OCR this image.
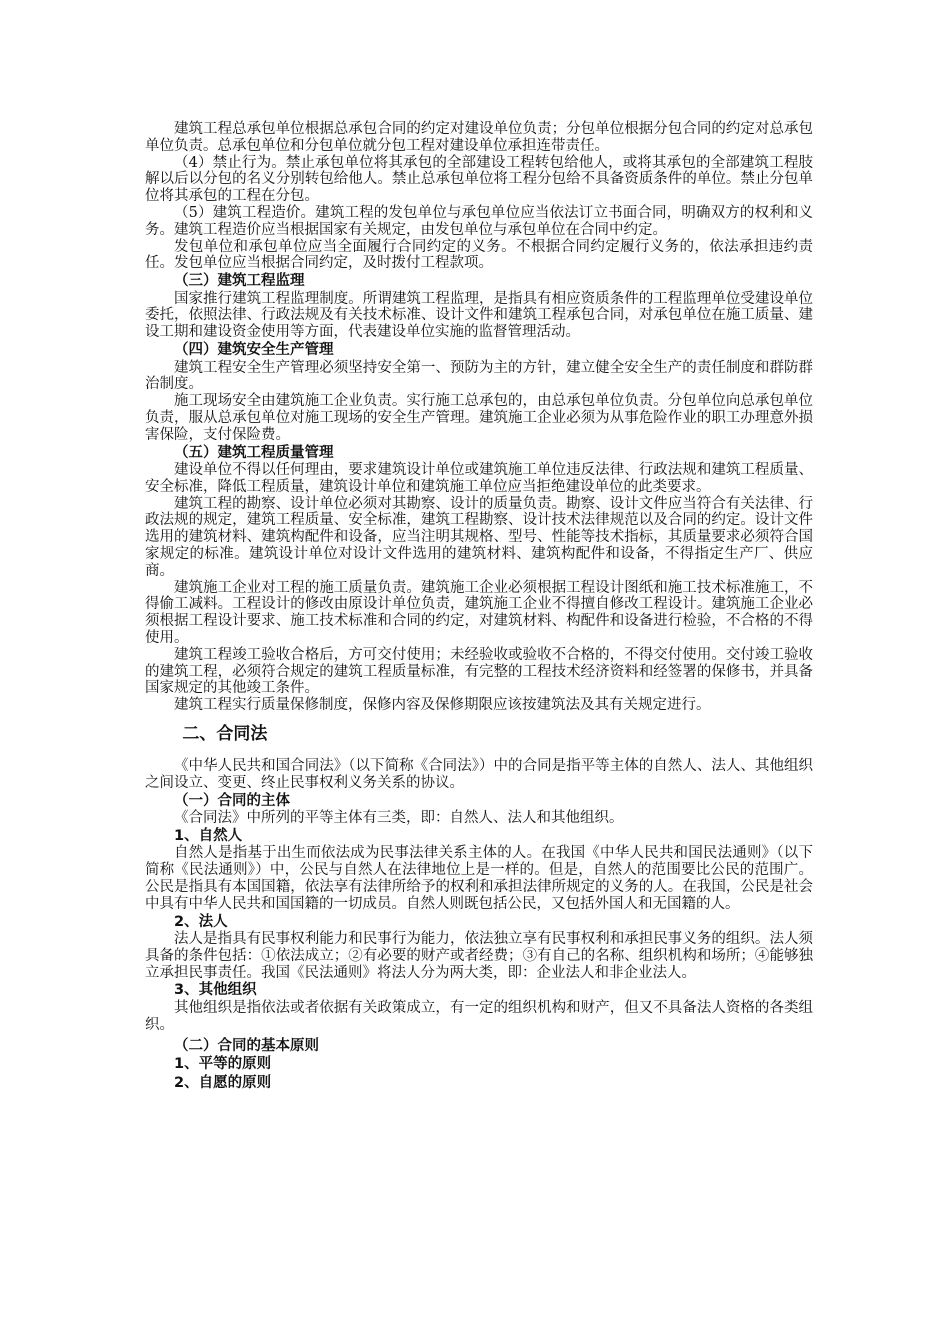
建筑工程总承包单位根据总承包合同的约定对建设单位负责；分包单位根据分包合同的约定对总承包单位负责。总承包单位和分包单位就分包工程对建设单位承担连带责任。

（4）禁止行为。禁止承包单位将其承包的全部建设工程转包给他人，或将其承包的全部建筑工程肢解以后以分包的名义分别转包给他人。禁止总承包单位将工程分包给不具备资质条件的单位。禁止分包单位将其承包的工程在分包。

（5）建筑工程造价。建筑工程的发包单位与承包单位应当依法订立书面合同，明确双方的权利和义务。建筑工程造价应当根据国家有关规定，由发包单位与承包单位在合同中约定。

发包单位和承包单位应当全面履行合同约定的义务。不根据合同约定履行义务的，依法承担违约责任。发包单位应当根据合同约定，及时拨付工程款项。

（三）建筑工程监理

国家推行建筑工程监理制度。所谓建筑工程监理，是指具有相应资质条件的工程监理单位受建设单位委托，依照法律、行政法规及有关技术标准、设计文件和建筑工程承包合同，对承包单位在施工质量、建设工期和建设资金使用等方面，代表建设单位实施的监督管理活动。

（四）建筑安全生产管理

建筑工程安全生产管理必须坚持安全第一、预防为主的方针，建立健全安全生产的责任制度和群防群治制度。

施工现场安全由建筑施工企业负责。实行施工总承包的，由总承包单位负责。分包单位向总承包单位负责，服从总承包单位对施工现场的安全生产管理。建筑施工企业必须为从事危险作业的职工办理意外损害保险，支付保险费。

（五）建筑工程质量管理

建设单位不得以任何理由，要求建筑设计单位或建筑施工单位违反法律、行政法规和建筑工程质量、安全标准，降低工程质量，建筑设计单位和建筑施工单位应当拒绝建设单位的此类要求。

建筑工程的勘察、设计单位必须对其勘察、设计的质量负责。勘察、设计文件应当符合有关法律、行政法规的规定，建筑工程质量、安全标准，建筑工程勘察、设计技术法律规范以及合同的约定。设计文件选用的建筑材料、建筑构配件和设备，应当注明其规格、型号、性能等技术指标，其质量要求必须符合国家规定的标准。建筑设计单位对设计文件选用的建筑材料、建筑构配件和设备，不得指定生产厂、供应商。

建筑施工企业对工程的施工质量负责。建筑施工企业必须根据工程设计图纸和施工技术标准施工，不得偷工减料。工程设计的修改由原设计单位负责，建筑施工企业不得擅自修改工程设计。建筑施工企业必须根据工程设计要求、施工技术标准和合同的约定，对建筑材料、构配件和设备进行检验，不合格的不得使用。

建筑工程竣工验收合格后，方可交付使用；未经验收或验收不合格的，不得交付使用。交付竣工验收的建筑工程，必须符合规定的建筑工程质量标准，有完整的工程技术经济资料和经签署的保修书，并具备国家规定的其他竣工条件。

建筑工程实行质量保修制度，保修内容及保修期限应该按建筑法及其有关规定进行。

二、合同法

《中华人民共和国合同法》（以下简称《合同法》）中的合同是指平等主体的自然人、法人、其他组织之间设立、变更、终止民事权利义务关系的协议。

（一）合同的主体

《合同法》中所列的平等主体有三类，即：自然人、法人和其他组织。

1、自然人

自然人是指基于出生而依法成为民事法律关系主体的人。在我国《中华人民共和国民法通则》（以下简称《民法通则》）中，公民与自然人在法律地位上是一样的。但是，自然人的范围要比公民的范围广。公民是指具有本国国籍，依法享有法律所给予的权利和承担法律所规定的义务的人。在我国，公民是社会中具有中华人民共和国国籍的一切成员。自然人则既包括公民，又包括外国人和无国籍的人。

2、法人

法人是指具有民事权利能力和民事行为能力，依法独立享有民事权利和承担民事义务的组织。法人须具备的条件包括：①依法成立；②有必要的财产或者经费；③有自己的名称、组织机构和场所；④能够独立承担民事责任。我国《民法通则》将法人分为两大类，即：企业法人和非企业法人。

3、其他组织

其他组织是指依法或者依据有关政策成立，有一定的组织机构和财产，但又不具备法人资格的各类组织。

（二）合同的基本原则
1、平等的原则
2、自愿的原则
